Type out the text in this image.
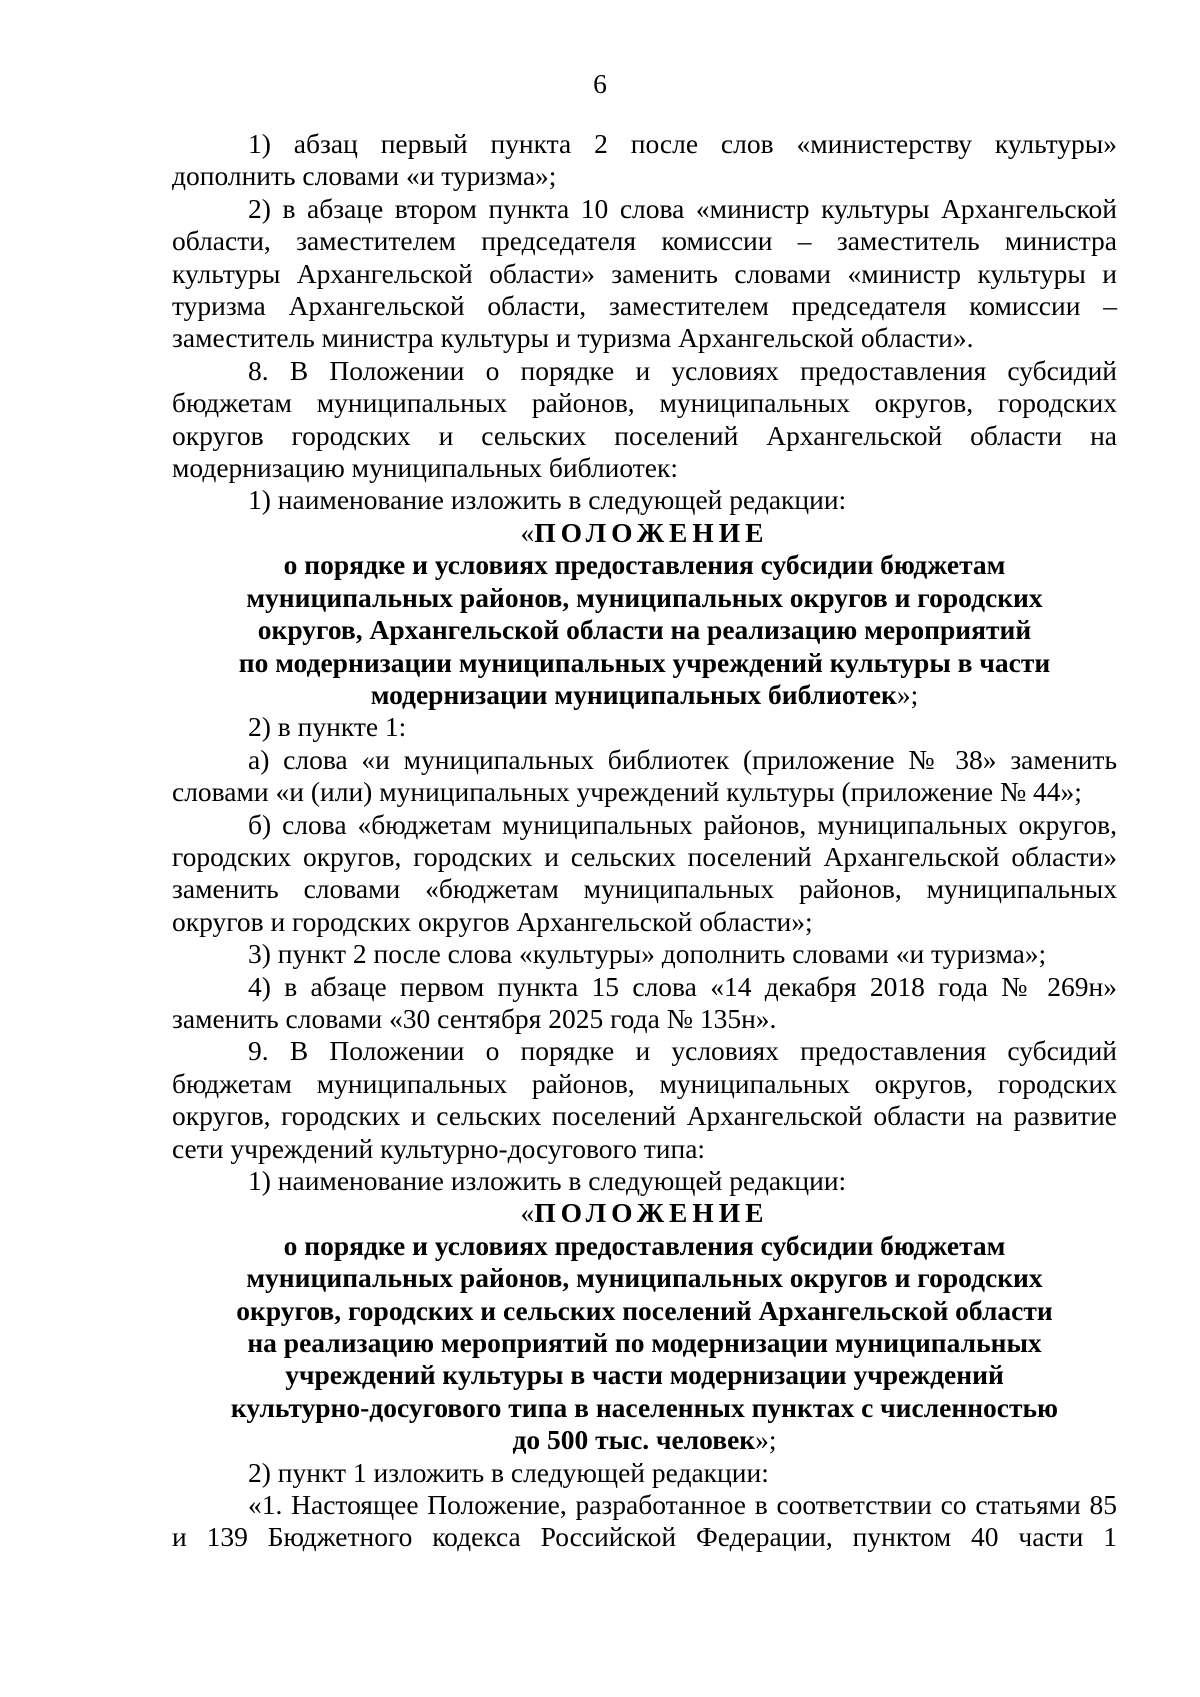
6

1) абзац первый пункта 2 после слов «министерству культуры» дополнить словами «и туризма»;

2) в абзаце втором пункта 10 слова «министр культуры Архангельской области, заместителем председателя комиссии – заместитель министра культуры Архангельской области» заменить словами «министр культуры и туризма Архангельской области, заместителем председателя комиссии – заместитель министра культуры и туризма Архангельской области».

8. В Положении о порядке и условиях предоставления субсидий бюджетам муниципальных районов, муниципальных округов, городских округов городских и сельских поселений Архангельской области на модернизацию муниципальных библиотек:

1) наименование изложить в следующей редакции:

«ПОЛОЖЕНИЕ
о порядке и условиях предоставления субсидии бюджетам
муниципальных районов, муниципальных округов и городских
округов, Архангельской области на реализацию мероприятий
по модернизации муниципальных учреждений культуры в части
модернизации муниципальных библиотек»;

2) в пункте 1:

а) слова «и муниципальных библиотек (приложение № 38» заменить словами «и (или) муниципальных учреждений культуры (приложение № 44»;

б) слова «бюджетам муниципальных районов, муниципальных округов, городских округов, городских и сельских поселений Архангельской области» заменить словами «бюджетам муниципальных районов, муниципальных округов и городских округов Архангельской области»;

3) пункт 2 после слова «культуры» дополнить словами «и туризма»;

4) в абзаце первом пункта 15 слова «14 декабря 2018 года № 269н» заменить словами «30 сентября 2025 года № 135н».

9. В Положении о порядке и условиях предоставления субсидий бюджетам муниципальных районов, муниципальных округов, городских округов, городских и сельских поселений Архангельской области на развитие сети учреждений культурно-досугового типа:

1) наименование изложить в следующей редакции:

«ПОЛОЖЕНИЕ
о порядке и условиях предоставления субсидии бюджетам
муниципальных районов, муниципальных округов и городских
округов, городских и сельских поселений Архангельской области
на реализацию мероприятий по модернизации муниципальных
учреждений культуры в части модернизации учреждений
культурно-досугового типа в населенных пунктах с численностью
до 500 тыс. человек»;

2) пункт 1 изложить в следующей редакции:

«1. Настоящее Положение, разработанное в соответствии со статьями 85 и 139 Бюджетного кодекса Российской Федерации, пунктом 40 части 1
